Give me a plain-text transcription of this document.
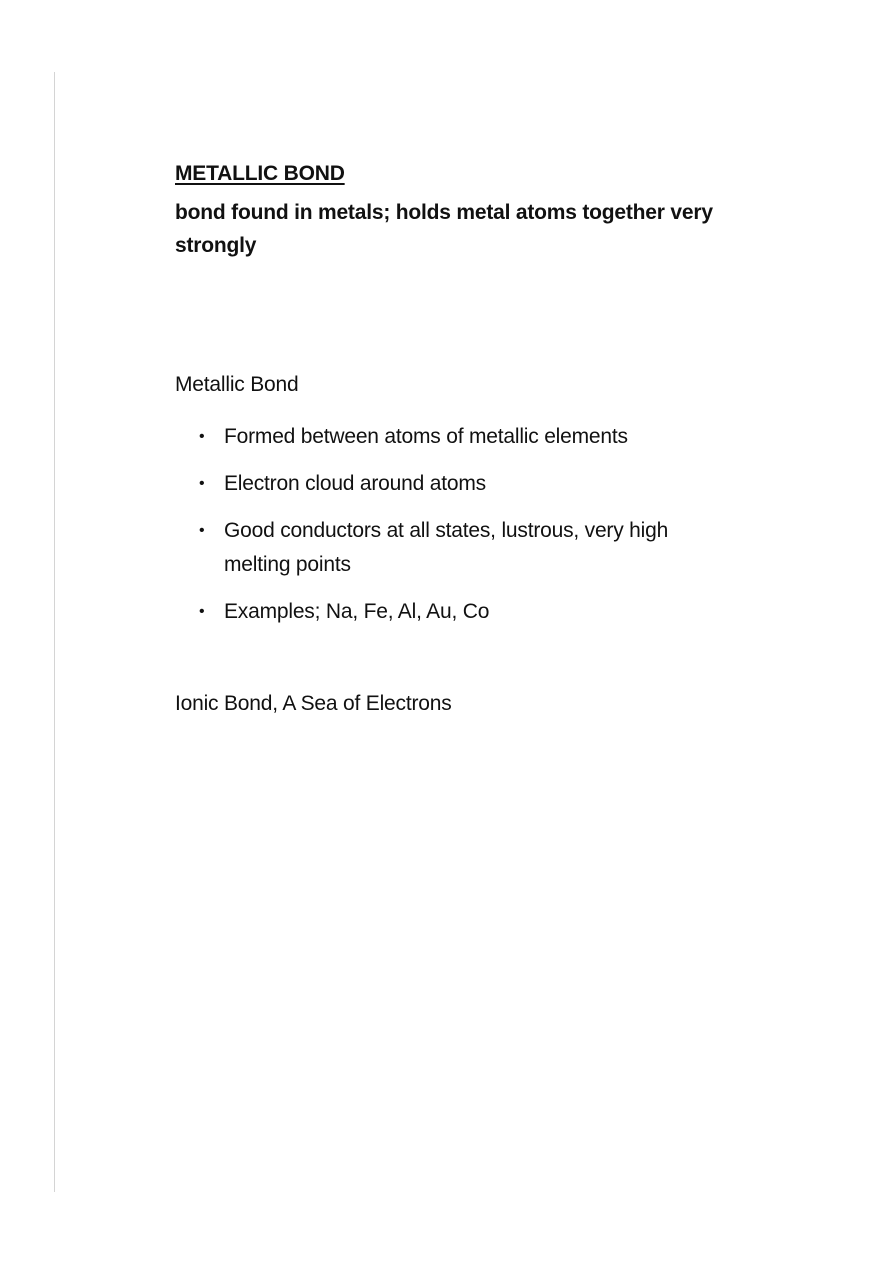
METALLIC BOND
bond found in metals; holds metal atoms together very strongly
Metallic Bond
• Formed between atoms of metallic elements
• Electron cloud around atoms
• Good conductors at all states, lustrous, very high melting points
• Examples; Na, Fe, Al, Au, Co
Ionic Bond, A Sea of Electrons
